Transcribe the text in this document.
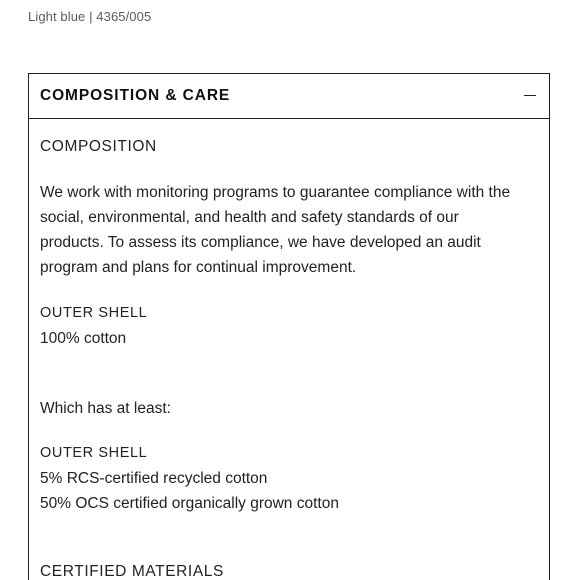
Light blue | 4365/005
COMPOSITION & CARE
COMPOSITION
We work with monitoring programs to guarantee compliance with the
social, environmental, and health and safety standards of our
products. To assess its compliance, we have developed an audit
program and plans for continual improvement.
OUTER SHELL
100% cotton
Which has at least:
OUTER SHELL
5% RCS-certified recycled cotton
50% OCS certified organically grown cotton
CERTIFIED MATERIALS
